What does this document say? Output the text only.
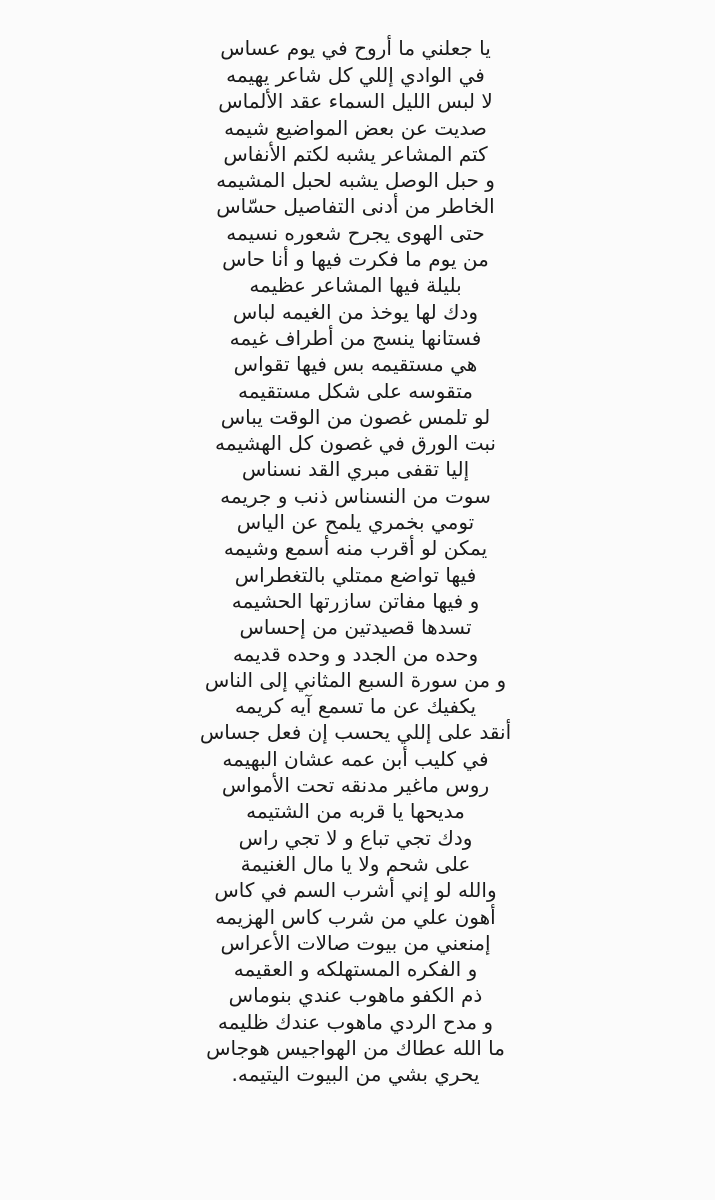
يا جعلني ما أروح في يوم عساس
في الوادي إللي كل شاعر يهيمه
لا لبس الليل السماء عقد الألماس
صديت عن بعض المواضيع شيمه
كتم المشاعر يشبه لكتم الأنفاس
و حبل الوصل يشبه لحبل المشيمه
الخاطر من أدنى التفاصيل حسّاس
حتى الهوى يجرح شعوره نسيمه
من يوم ما فكرت فيها و أنا حاس
بليلة فيها المشاعر عظيمه
ودك لها يوخذ من الغيمه لباس
فستانها ينسج من أطراف غيمه
هي مستقيمه بس فيها تقواس
متقوسه على شكل مستقيمه
لو تلمس غصون من الوقت يباس
نبت الورق في غصون كل الهشيمه
إليا تقفى مبري القد نسناس
سوت من النسناس ذنب و جريمه
تومي بخمري يلمح عن الياس
يمكن لو أقرب منه أسمع وشيمه
فيها تواضع ممتلي بالتغطراس
و فيها مفاتن سازرتها الحشيمه
تسدها قصيدتين من إحساس
وحده من الجدد و وحده قديمه
و من سورة السبع المثاني إلى الناس
يكفيك عن ما تسمع آيه كريمه
أنقد على إللي يحسب إن فعل جساس
في كليب أبن عمه عشان البهيمه
روس ماغير مدنقه تحت الأمواس
مديحها يا قربه من الشتيمه
ودك تجي تباع و لا تجي راس
على شحم ولا يا مال الغنيمة
والله لو إني أشرب السم في كاس
أهون علي من شرب كاس الهزيمه
إمنعني من بيوت صالات الأعراس
و الفكره المستهلكه و العقيمه
ذم الكفو ماهوب عندي بنوماس
و مدح الردي ماهوب عندك ظليمه
ما الله عطاك من الهواجيس هوجاس
يحري بشي من البيوت اليتيمه.
